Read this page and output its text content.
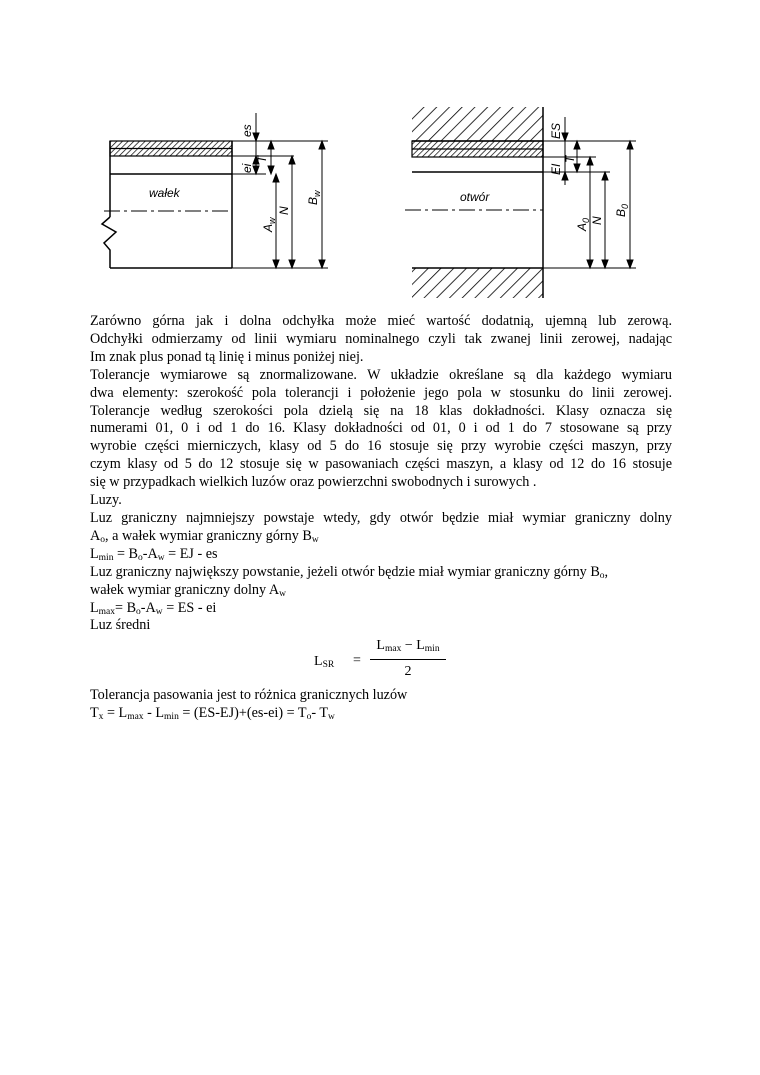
wałek
es
ei
T
$A_w$
N
$B_w$	otwór
ES
EI
T
$A_0$ N
$B_0$

Zarówno górna jak i dolna odchyłka może mieć wartość dodatnią, ujemną lub zerową.

Odchyłki odmierzamy od linii wymiaru nominalnego czyli tak zwanej linii zerowej, nadając

Im znak plus ponad tą linię i minus poniżej niej.

Tolerancje wymiarowe są znormalizowane. W układzie określane są dla każdego wymiaru

dwa elementy: szerokość pola tolerancji i położenie jego pola w stosunku do linii zerowej.

Tolerancje według szerokości pola dzielą się na 18 klas dokładności. Klasy oznacza się

numerami 01, 0 i od 1 do 16. Klasy dokładności od 01, 0 i od 1 do 7 stosowane są przy

wyrobie części mierniczych, klasy od 5 do 16 stosuje się przy wyrobie części maszyn, przy

czym klasy od 5 do 12 stosuje się w pasowaniach części maszyn, a klasy od 12 do 16 stosuje

się w przypadkach wielkich luzów oraz powierzchni swobodnych i surowych .

Luzy.

Luz graniczny najmniejszy powstaje wtedy, gdy otwór będzie miał wymiar graniczny dolny

$A_o$, a wałek wymiar graniczny górny $B_w$

$L_{min} = B_o-A_w$ = EJ - es

Luz graniczny największy powstanie, jeżeli otwór będzie miał wymiar graniczny górny $B_o$,

wałek wymiar graniczny dolny $A_w$

$L_{max}= B_o-A_w$ = ES - ei

Luz średni

$L_{SR}$ =
$L_{max} - L_{min}$
2

Tolerancja pasowania jest to różnica granicznych luzów

$T_x = L_{max} - L_{min} = (ES-EJ)+(es-ei) = T_o-$ $T_w$
